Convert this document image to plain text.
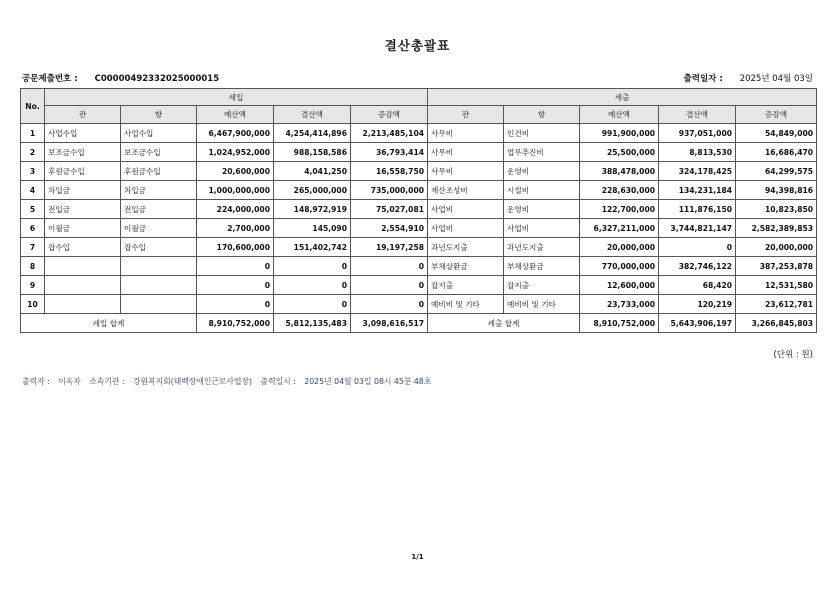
결산총괄표
공문제출번호 : C00000492332025000015	출력일자 : 2025년 04월 03일
No.	세입					세출				
	관	항	예산액	결산액	증감액	관	항	예산액	결산액	증감액
1	사업수입	사업수입	6,467,900,000	4,254,414,896	2,213,485,104	사무비	인건비	991,900,000	937,051,000	54,849,000
2	보조금수입	보조금수입	1,024,952,000	988,158,586	36,793,414	사무비	업무추진비	25,500,000	8,813,530	16,686,470
3	후원금수입	후원금수입	20,600,000	4,041,250	16,558,750	사무비	운영비	388,478,000	324,178,425	64,299,575
4	차입금	차입금	1,000,000,000	265,000,000	735,000,000	재산조성비	시설비	228,630,000	134,231,184	94,398,816
5	전입금	전입금	224,000,000	148,972,919	75,027,081	사업비	운영비	122,700,000	111,876,150	10,823,850
6	이월금	이월금	2,700,000	145,090	2,554,910	사업비	사업비	6,327,211,000	3,744,821,147	2,582,389,853
7	잡수입	잡수입	170,600,000	151,402,742	19,197,258	과년도지출	과년도지출	20,000,000	0	20,000,000
8			0	0	0	부채상환금	부채상환금	770,000,000	382,746,122	387,253,878
9			0	0	0	잡지출	잡지출	12,600,000	68,420	12,531,580
10			0	0	0	예비비 및 기타	예비비 및 기타	23,733,000	120,219	23,612,781
세입 합계			8,910,752,000	5,812,135,483	3,098,616,517	세출 합계		8,910,752,000	5,643,906,197	3,266,845,803
(단위 : 원)
출력자 : 이옥자 소속기관 : 강원복지회(태백장애인근로사업장) 출력일시 : 2025년 04월 03일 08시 45분 48초
1/1
